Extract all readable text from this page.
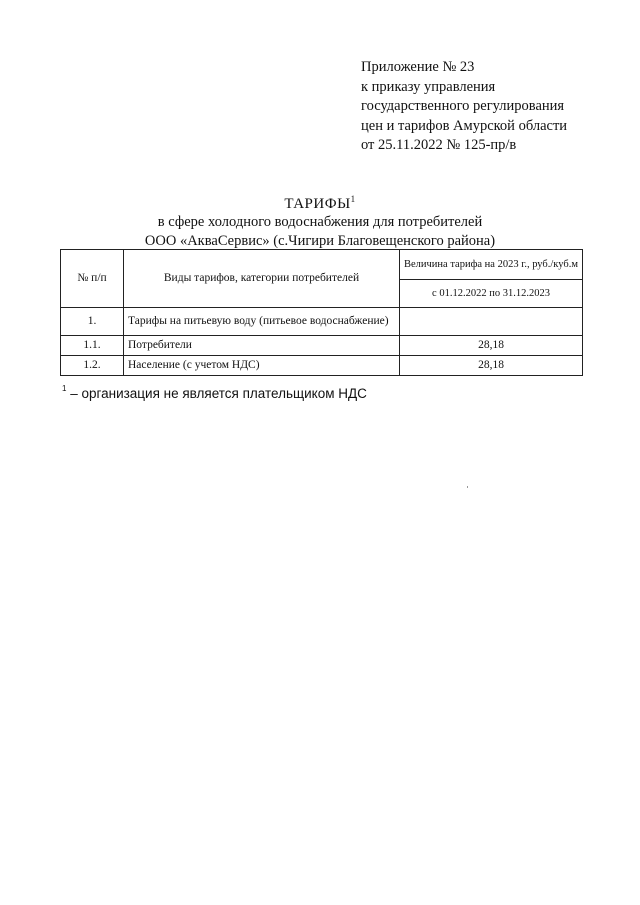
Приложение № 23
к приказу управления
государственного регулирования
цен и тарифов Амурской области
от 25.11.2022 № 125-пр/в
ТАРИФЫ$^1$
в сфере холодного водоснабжения для потребителей
ООО «АкваСервис» (с.Чигири Благовещенского района)
№ п/п	Виды тарифов, категории потребителей	Величина тарифа на 2023 г., руб./куб.м
		с 01.12.2022 по 31.12.2023
1.	Тарифы на питьевую воду (питьевое водоснабжение)	
1.1.	Потребители	28,18
1.2.	Население (с учетом НДС)	28,18
$^1$ – организация не является плательщиком НДС
